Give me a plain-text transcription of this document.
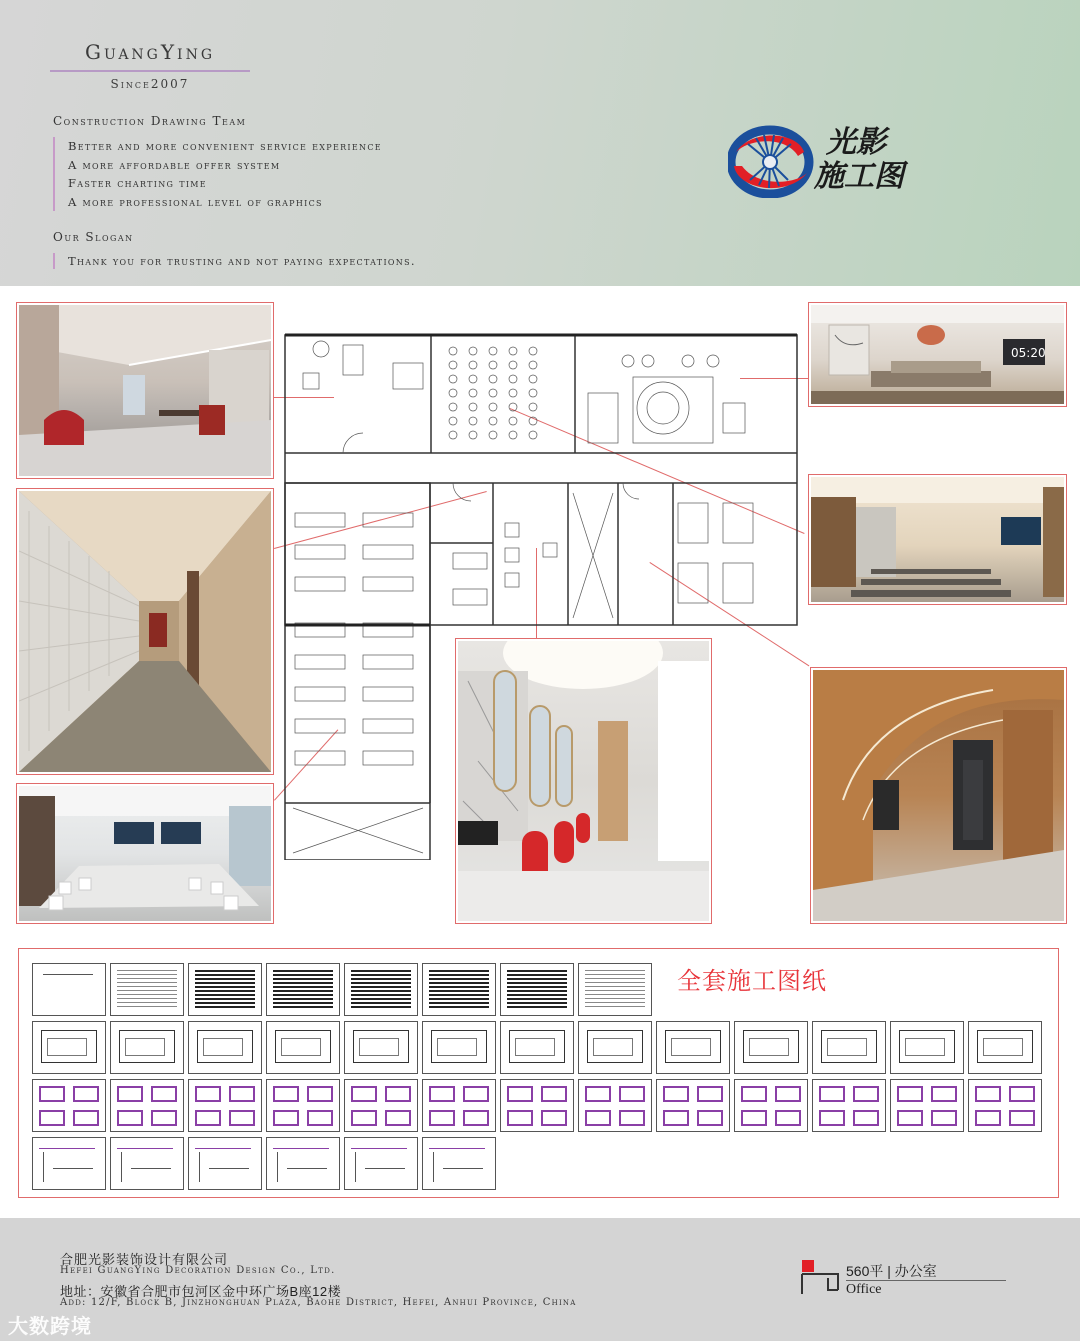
GuangYing
Since2007
Construction Drawing Team
Better and more convenient service experience
A more affordable offer system
Faster charting time
A more professional level of graphics
Our Slogan
Thank you for trusting and not paying expectations.
光影
施工图
05:20
全套施工图纸
合肥光影装饰设计有限公司
Hefei GuangYing Decoration Design Co., Ltd.
地址：安徽省合肥市包河区金中环广场B座12楼
Add: 12/F, Block B, Jinzhonghuan Plaza, Baohe District, Hefei, Anhui Province, China
560平 | 办公室
Office
大数跨境
